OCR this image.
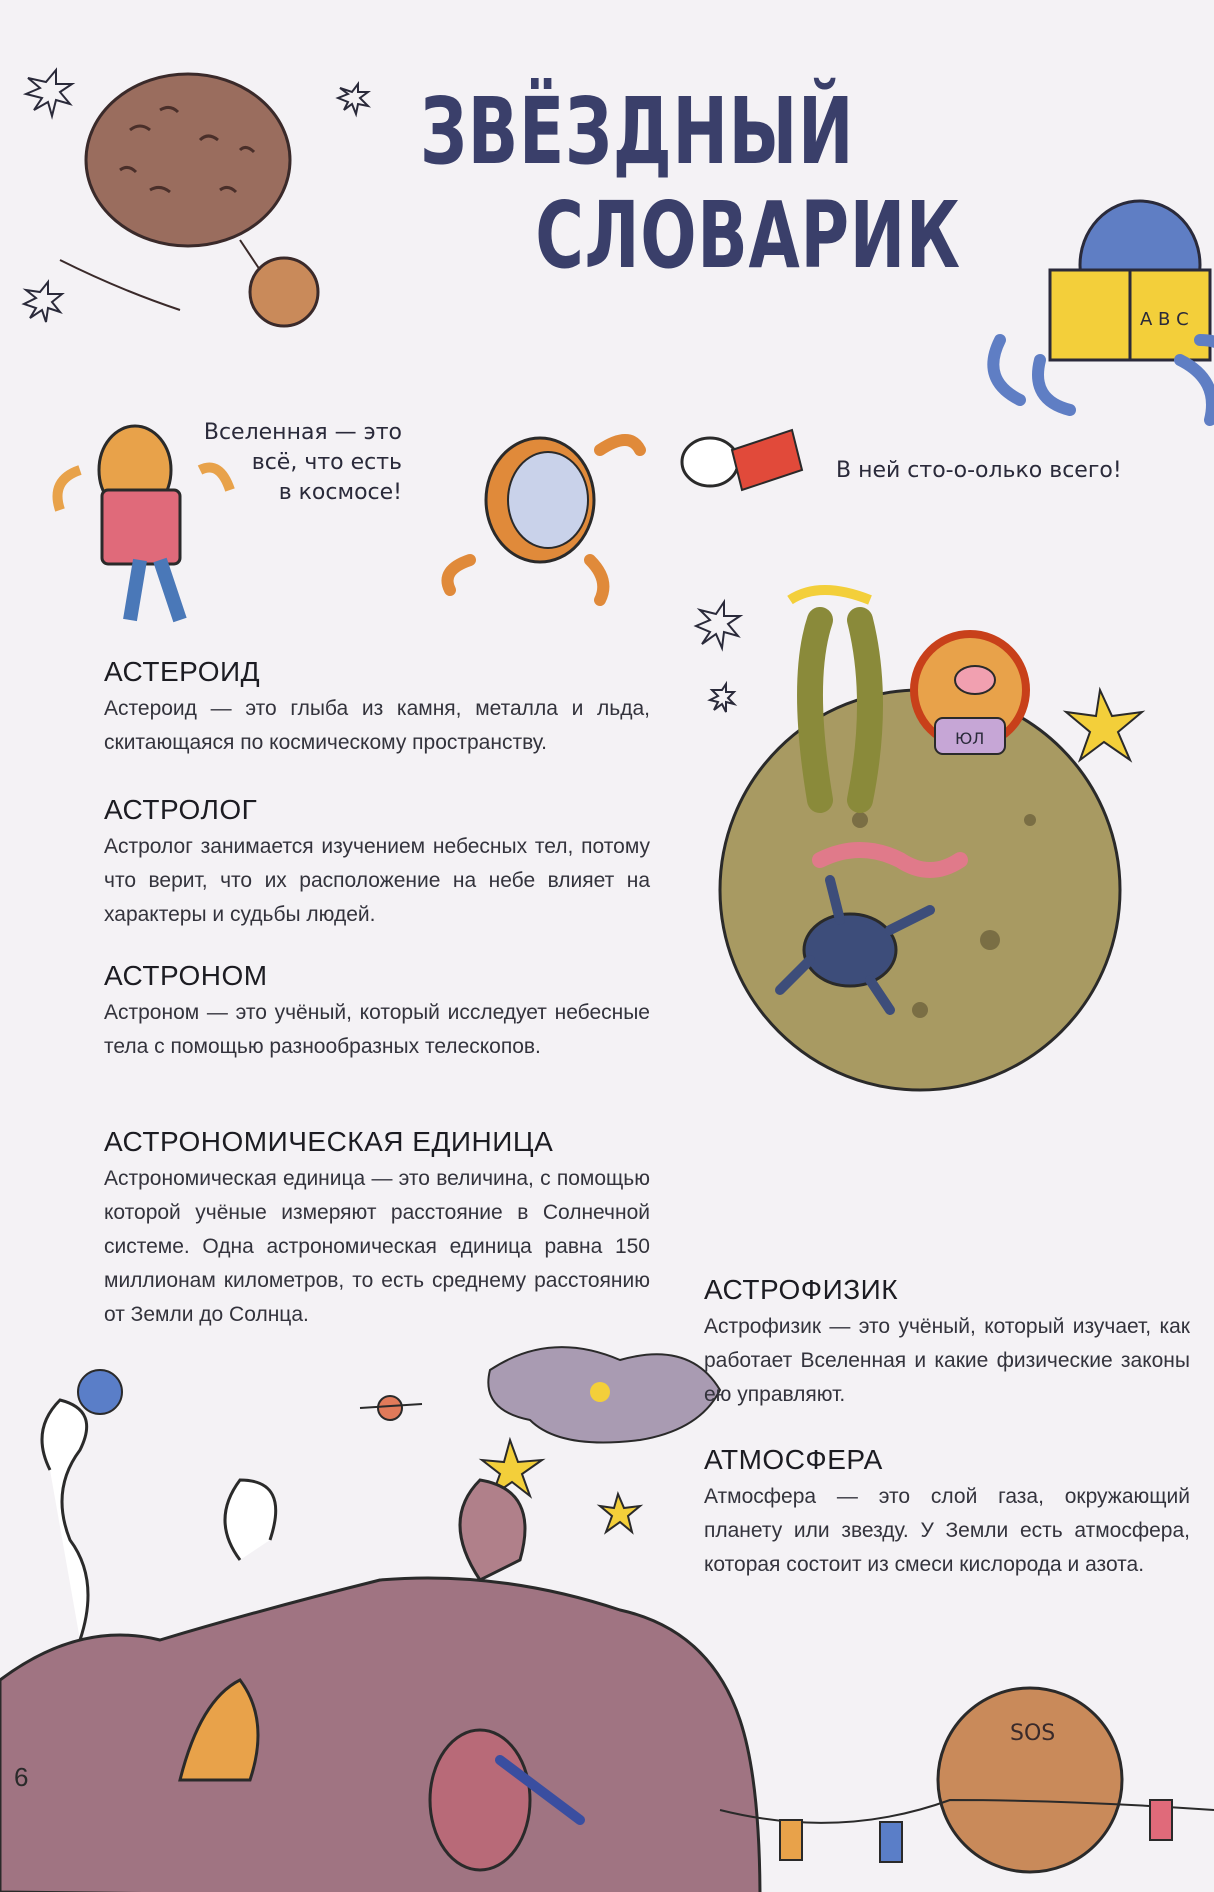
ЗВЁЗДНЫЙ
СЛОВАРИК
A B C
ЮЛ
SOS
Вселенная — это
всё, что есть
в космосе!
В ней сто-о-олько всего!
АСТЕРОИД

Астероид — это глыба из камня, металла и льда, скитающаяся по космическому пространству.

АСТРОЛОГ

Астролог занимается изучением небесных тел, потому что верит, что их расположение на небе влияет на характеры и судьбы людей.

АСТРОНОМ

Астроном — это учёный, который исследует небесные тела с помощью разнообразных телескопов.

АСТРОНОМИЧЕСКАЯ ЕДИНИЦА

Астрономическая единица — это величина, с помощью которой учёные измеряют расстояние в Солнечной системе. Одна астрономическая единица равна 150 миллионам километров, то есть среднему расстоянию от Земли до Солнца.

АСТРОФИЗИК

Астрофизик — это учёный, который изучает, как работает Вселенная и какие физические законы ею управляют.

АТМОСФЕРА

Атмосфера — это слой газа, окружающий планету или звезду. У Земли есть атмосфера, которая состоит из смеси кислорода и азота.

6
